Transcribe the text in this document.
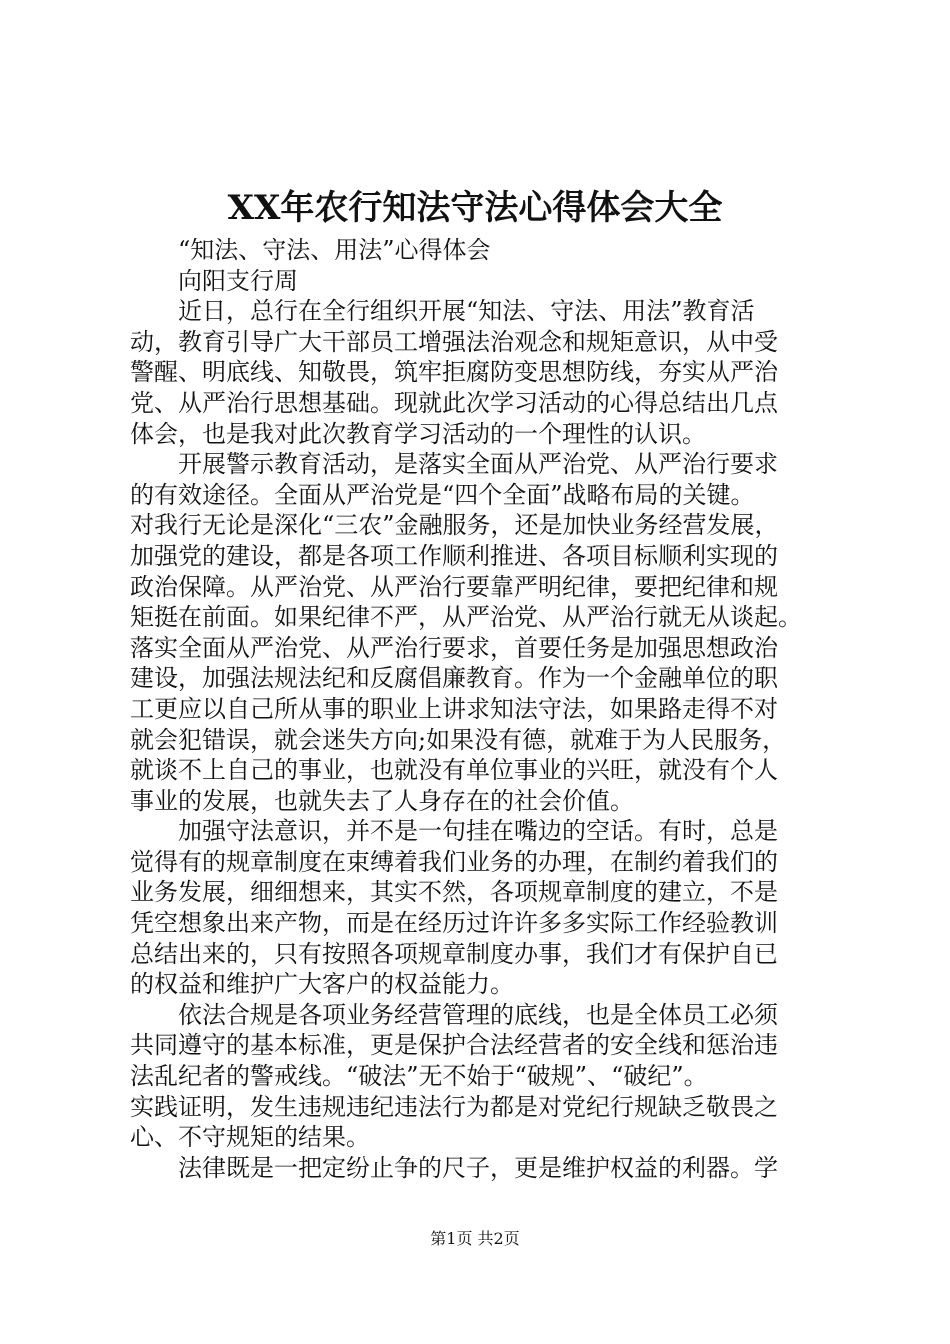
XX年农行知法守法心得体会大全
“知法、守法、用法”心得体会
向阳支行周
近日，总行在全行组织开展“知法、守法、用法”教育活
动，教育引导广大干部员工增强法治观念和规矩意识，从中受
警醒、明底线、知敬畏，筑牢拒腐防变思想防线，夯实从严治
党、从严治行思想基础。现就此次学习活动的心得总结出几点
体会，也是我对此次教育学习活动的一个理性的认识。
开展警示教育活动，是落实全面从严治党、从严治行要求
的有效途径。全面从严治党是“四个全面”战略布局的关键。
对我行无论是深化“三农”金融服务，还是加快业务经营发展，
加强党的建设，都是各项工作顺利推进、各项目标顺利实现的
政治保障。从严治党、从严治行要靠严明纪律，要把纪律和规
矩挺在前面。如果纪律不严，从严治党、从严治行就无从谈起。
落实全面从严治党、从严治行要求，首要任务是加强思想政治
建设，加强法规法纪和反腐倡廉教育。作为一个金融单位的职
工更应以自己所从事的职业上讲求知法守法，如果路走得不对
就会犯错误，就会迷失方向;如果没有德，就难于为人民服务，
就谈不上自己的事业，也就没有单位事业的兴旺，就没有个人
事业的发展，也就失去了人身存在的社会价值。
加强守法意识，并不是一句挂在嘴边的空话。有时，总是
觉得有的规章制度在束缚着我们业务的办理，在制约着我们的
业务发展，细细想来，其实不然，各项规章制度的建立，不是
凭空想象出来产物，而是在经历过许许多多实际工作经验教训
总结出来的，只有按照各项规章制度办事，我们才有保护自已
的权益和维护广大客户的权益能力。
依法合规是各项业务经营管理的底线，也是全体员工必须
共同遵守的基本标准，更是保护合法经营者的安全线和惩治违
法乱纪者的警戒线。“破法”无不始于“破规”、“破纪”。
实践证明，发生违规违纪违法行为都是对党纪行规缺乏敬畏之
心、不守规矩的结果。
法律既是一把定纷止争的尺子，更是维护权益的利器。学
第1页 共2页
